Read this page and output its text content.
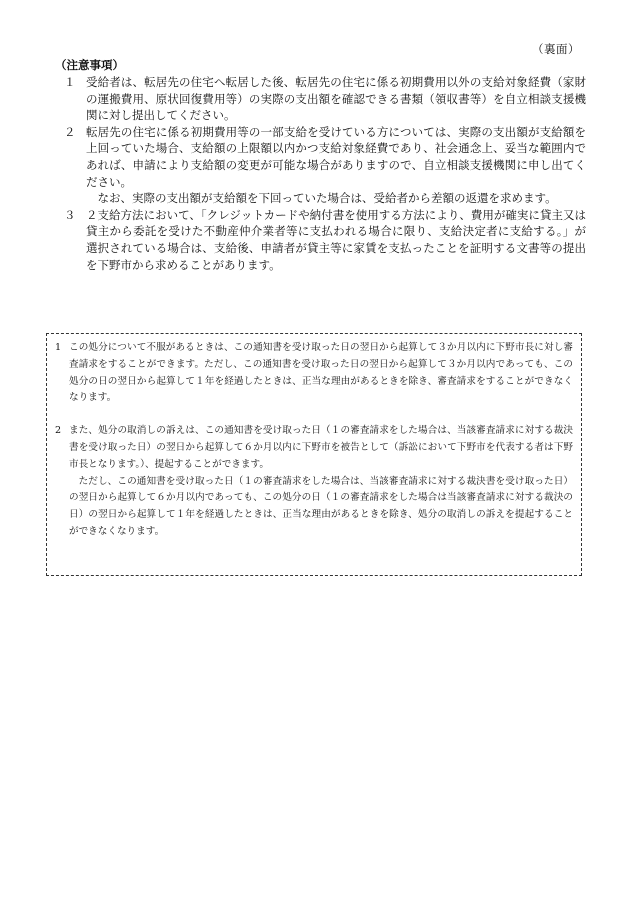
（裏面）
（注意事項）
１ 受給者は、転居先の住宅へ転居した後、転居先の住宅に係る初期費用以外の支給対象経費（家財の運搬費用、原状回復費用等）の実際の支出額を確認できる書類（領収書等）を自立相談支援機関に対し提出してください。

２ 転居先の住宅に係る初期費用等の一部支給を受けている方については、実際の支出額が支給額を上回っていた場合、支給額の上限額以内かつ支給対象経費であり、社会通念上、妥当な範囲内であれば、申請により支給額の変更が可能な場合がありますので、自立相談支援機関に申し出てください。

なお、実際の支出額が支給額を下回っていた場合は、受給者から差額の返還を求めます。

３ ２支給方法において、「クレジットカードや納付書を使用する方法により、費用が確実に貸主又は貸主から委託を受けた不動産仲介業者等に支払われる場合に限り、支給決定者に支給する。」が選択されている場合は、支給後、申請者が貸主等に家賃を支払ったことを証明する文書等の提出を下野市から求めることがあります。

1 この処分について不服があるときは、この通知書を受け取った日の翌日から起算して３か月以内に下野市長に対し審査請求をすることができます。ただし、この通知書を受け取った日の翌日から起算して３か月以内であっても、この処分の日の翌日から起算して１年を経過したときは、正当な理由があるときを除き、審査請求をすることができなくなります。

2 また、処分の取消しの訴えは、この通知書を受け取った日（１の審査請求をした場合は、当該審査請求に対する裁決書を受け取った日）の翌日から起算して６か月以内に下野市を被告として（訴訟において下野市を代表する者は下野市長となります。）、提起することができます。

ただし、この通知書を受け取った日（１の審査請求をした場合は、当該審査請求に対する裁決書を受け取った日）の翌日から起算して６か月以内であっても、この処分の日（１の審査請求をした場合は当該審査請求に対する裁決の日）の翌日から起算して１年を経過したときは、正当な理由があるときを除き、処分の取消しの訴えを提起することができなくなります。
